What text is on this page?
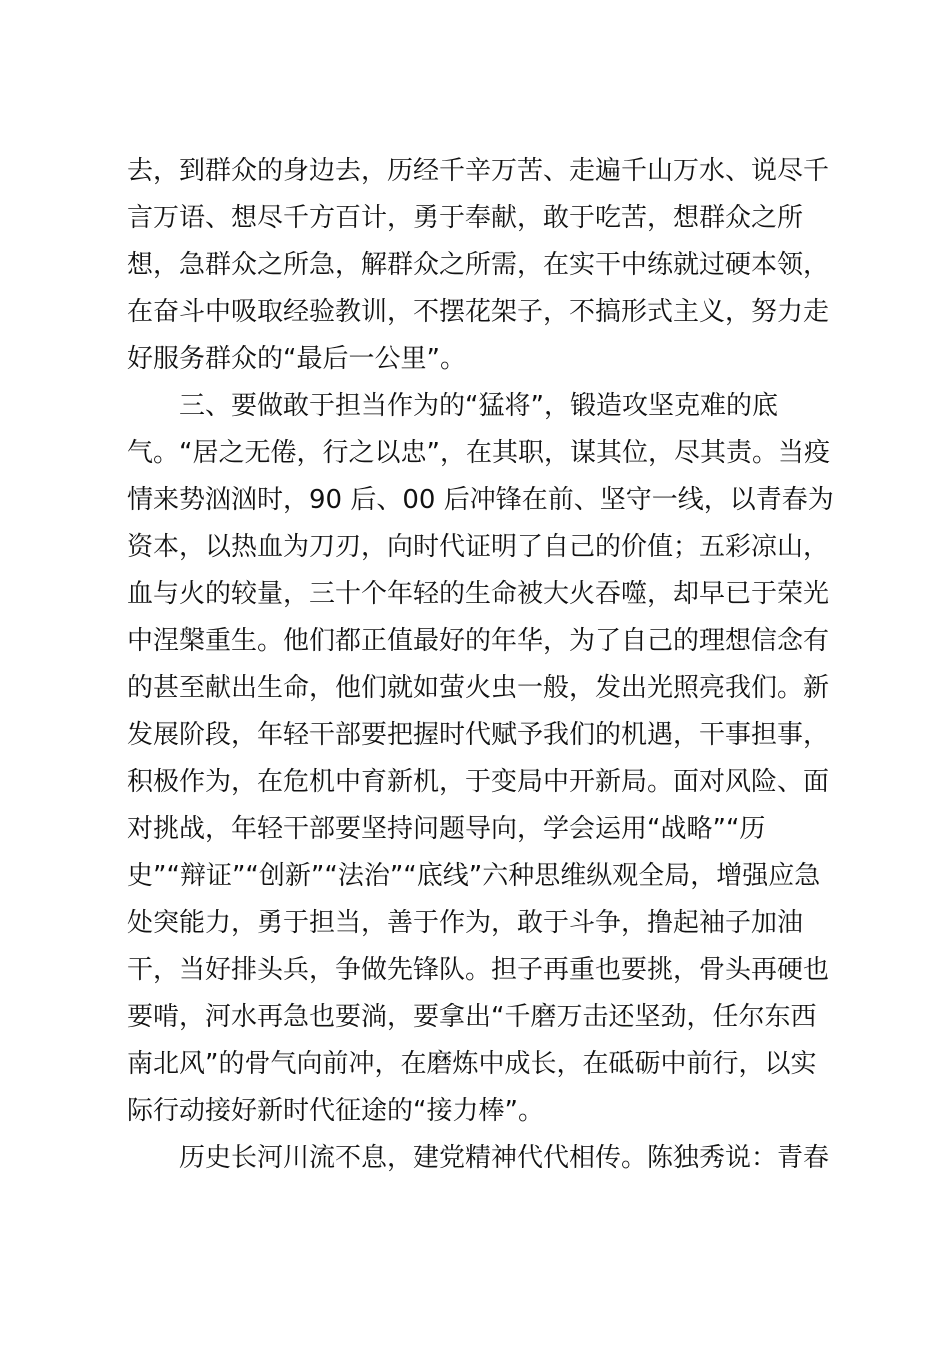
去，到群众的身边去，历经千辛万苦、走遍千山万水、说尽千
言万语、想尽千方百计，勇于奉献，敢于吃苦，想群众之所
想，急群众之所急，解群众之所需，在实干中练就过硬本领，
在奋斗中吸取经验教训，不摆花架子，不搞形式主义，努力走
好服务群众的“最后一公里”。
　　三、要做敢于担当作为的“猛将”，锻造攻坚克难的底
气。“居之无倦，行之以忠”，在其职，谋其位，尽其责。当疫
情来势汹汹时，90 后、00 后冲锋在前、坚守一线，以青春为
资本，以热血为刀刃，向时代证明了自己的价值；五彩凉山，
血与火的较量，三十个年轻的生命被大火吞噬，却早已于荣光
中涅槃重生。他们都正值最好的年华，为了自己的理想信念有
的甚至献出生命，他们就如萤火虫一般，发出光照亮我们。新
发展阶段，年轻干部要把握时代赋予我们的机遇，干事担事，
积极作为，在危机中育新机，于变局中开新局。面对风险、面
对挑战，年轻干部要坚持问题导向，学会运用“战略”“历
史”“辩证”“创新”“法治”“底线”六种思维纵观全局，增强应急
处突能力，勇于担当，善于作为，敢于斗争，撸起袖子加油
干，当好排头兵，争做先锋队。担子再重也要挑，骨头再硬也
要啃，河水再急也要淌，要拿出“千磨万击还坚劲，任尔东西
南北风”的骨气向前冲，在磨炼中成长，在砥砺中前行，以实
际行动接好新时代征途的“接力棒”。
　　历史长河川流不息，建党精神代代相传。陈独秀说：青春
